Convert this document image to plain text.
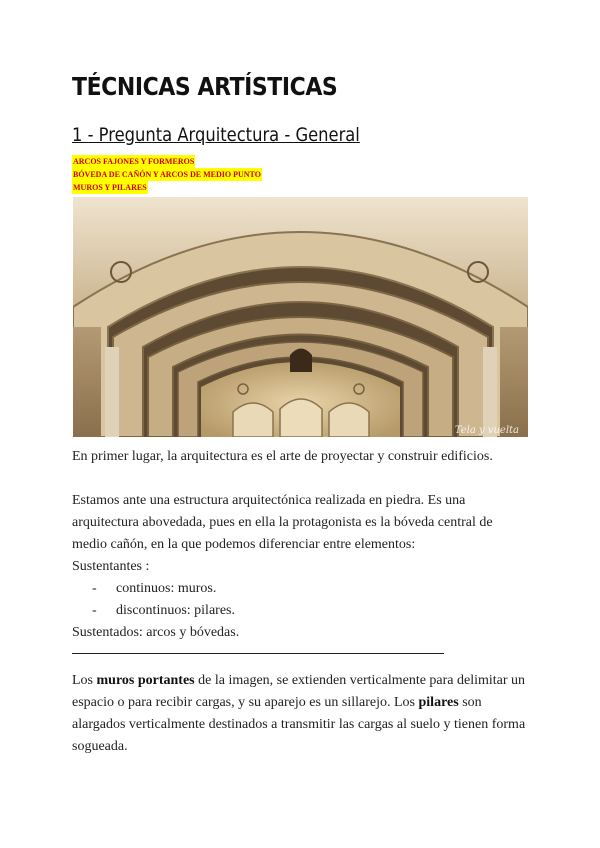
TÉCNICAS ARTÍSTICAS
1 - Pregunta Arquitectura - General
ARCOS FAJONES Y FORMEROS
BÓVEDA DE CAÑÓN Y ARCOS DE MEDIO PUNTO
MUROS Y PILARES
Tela y vuelta
En primer lugar, la arquitectura es el arte de proyectar y construir edificios.
Estamos ante una estructura arquitectónica realizada en piedra. Es una
arquitectura abovedada, pues en ella la protagonista es la bóveda central de
medio cañón, en la que podemos diferenciar entre elementos:
Sustentantes :
- continuos: muros.
- discontinuos: pilares.
Sustentados: arcos y bóvedas.
Los muros portantes de la imagen, se extienden verticalmente para delimitar un espacio o para recibir cargas, y su aparejo es un sillarejo. Los pilares son alargados verticalmente destinados a transmitir las cargas al suelo y tienen forma sogueada.
